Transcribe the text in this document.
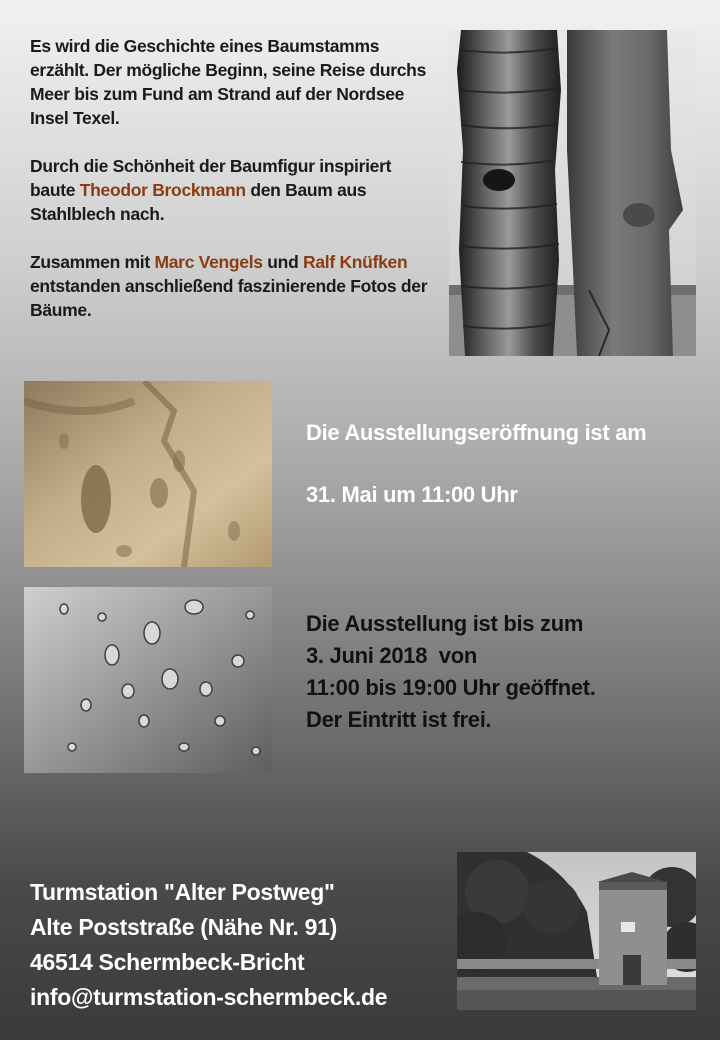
Es wird die Geschichte eines Baumstamms erzählt. Der mögliche Beginn, seine Reise durchs Meer bis zum Fund am Strand auf der Nordsee Insel Texel.

Durch die Schönheit der Baumfigur inspiriert baute Theodor Brockmann den Baum aus Stahlblech nach.

Zusammen mit Marc Vengels und Ralf Knüfken entstanden anschließend faszinierende Fotos der Bäume.

Die Ausstellungseröffnung ist am

31. Mai um 11:00 Uhr

Die Ausstellung ist bis zum
3. Juni 2018  von
11:00 bis 19:00 Uhr geöffnet.
Der Eintritt ist frei.
Turmstation "Alter Postweg"
Alte Poststraße (Nähe Nr. 91)
46514 Schermbeck-Bricht
info@turmstation-schermbeck.de
